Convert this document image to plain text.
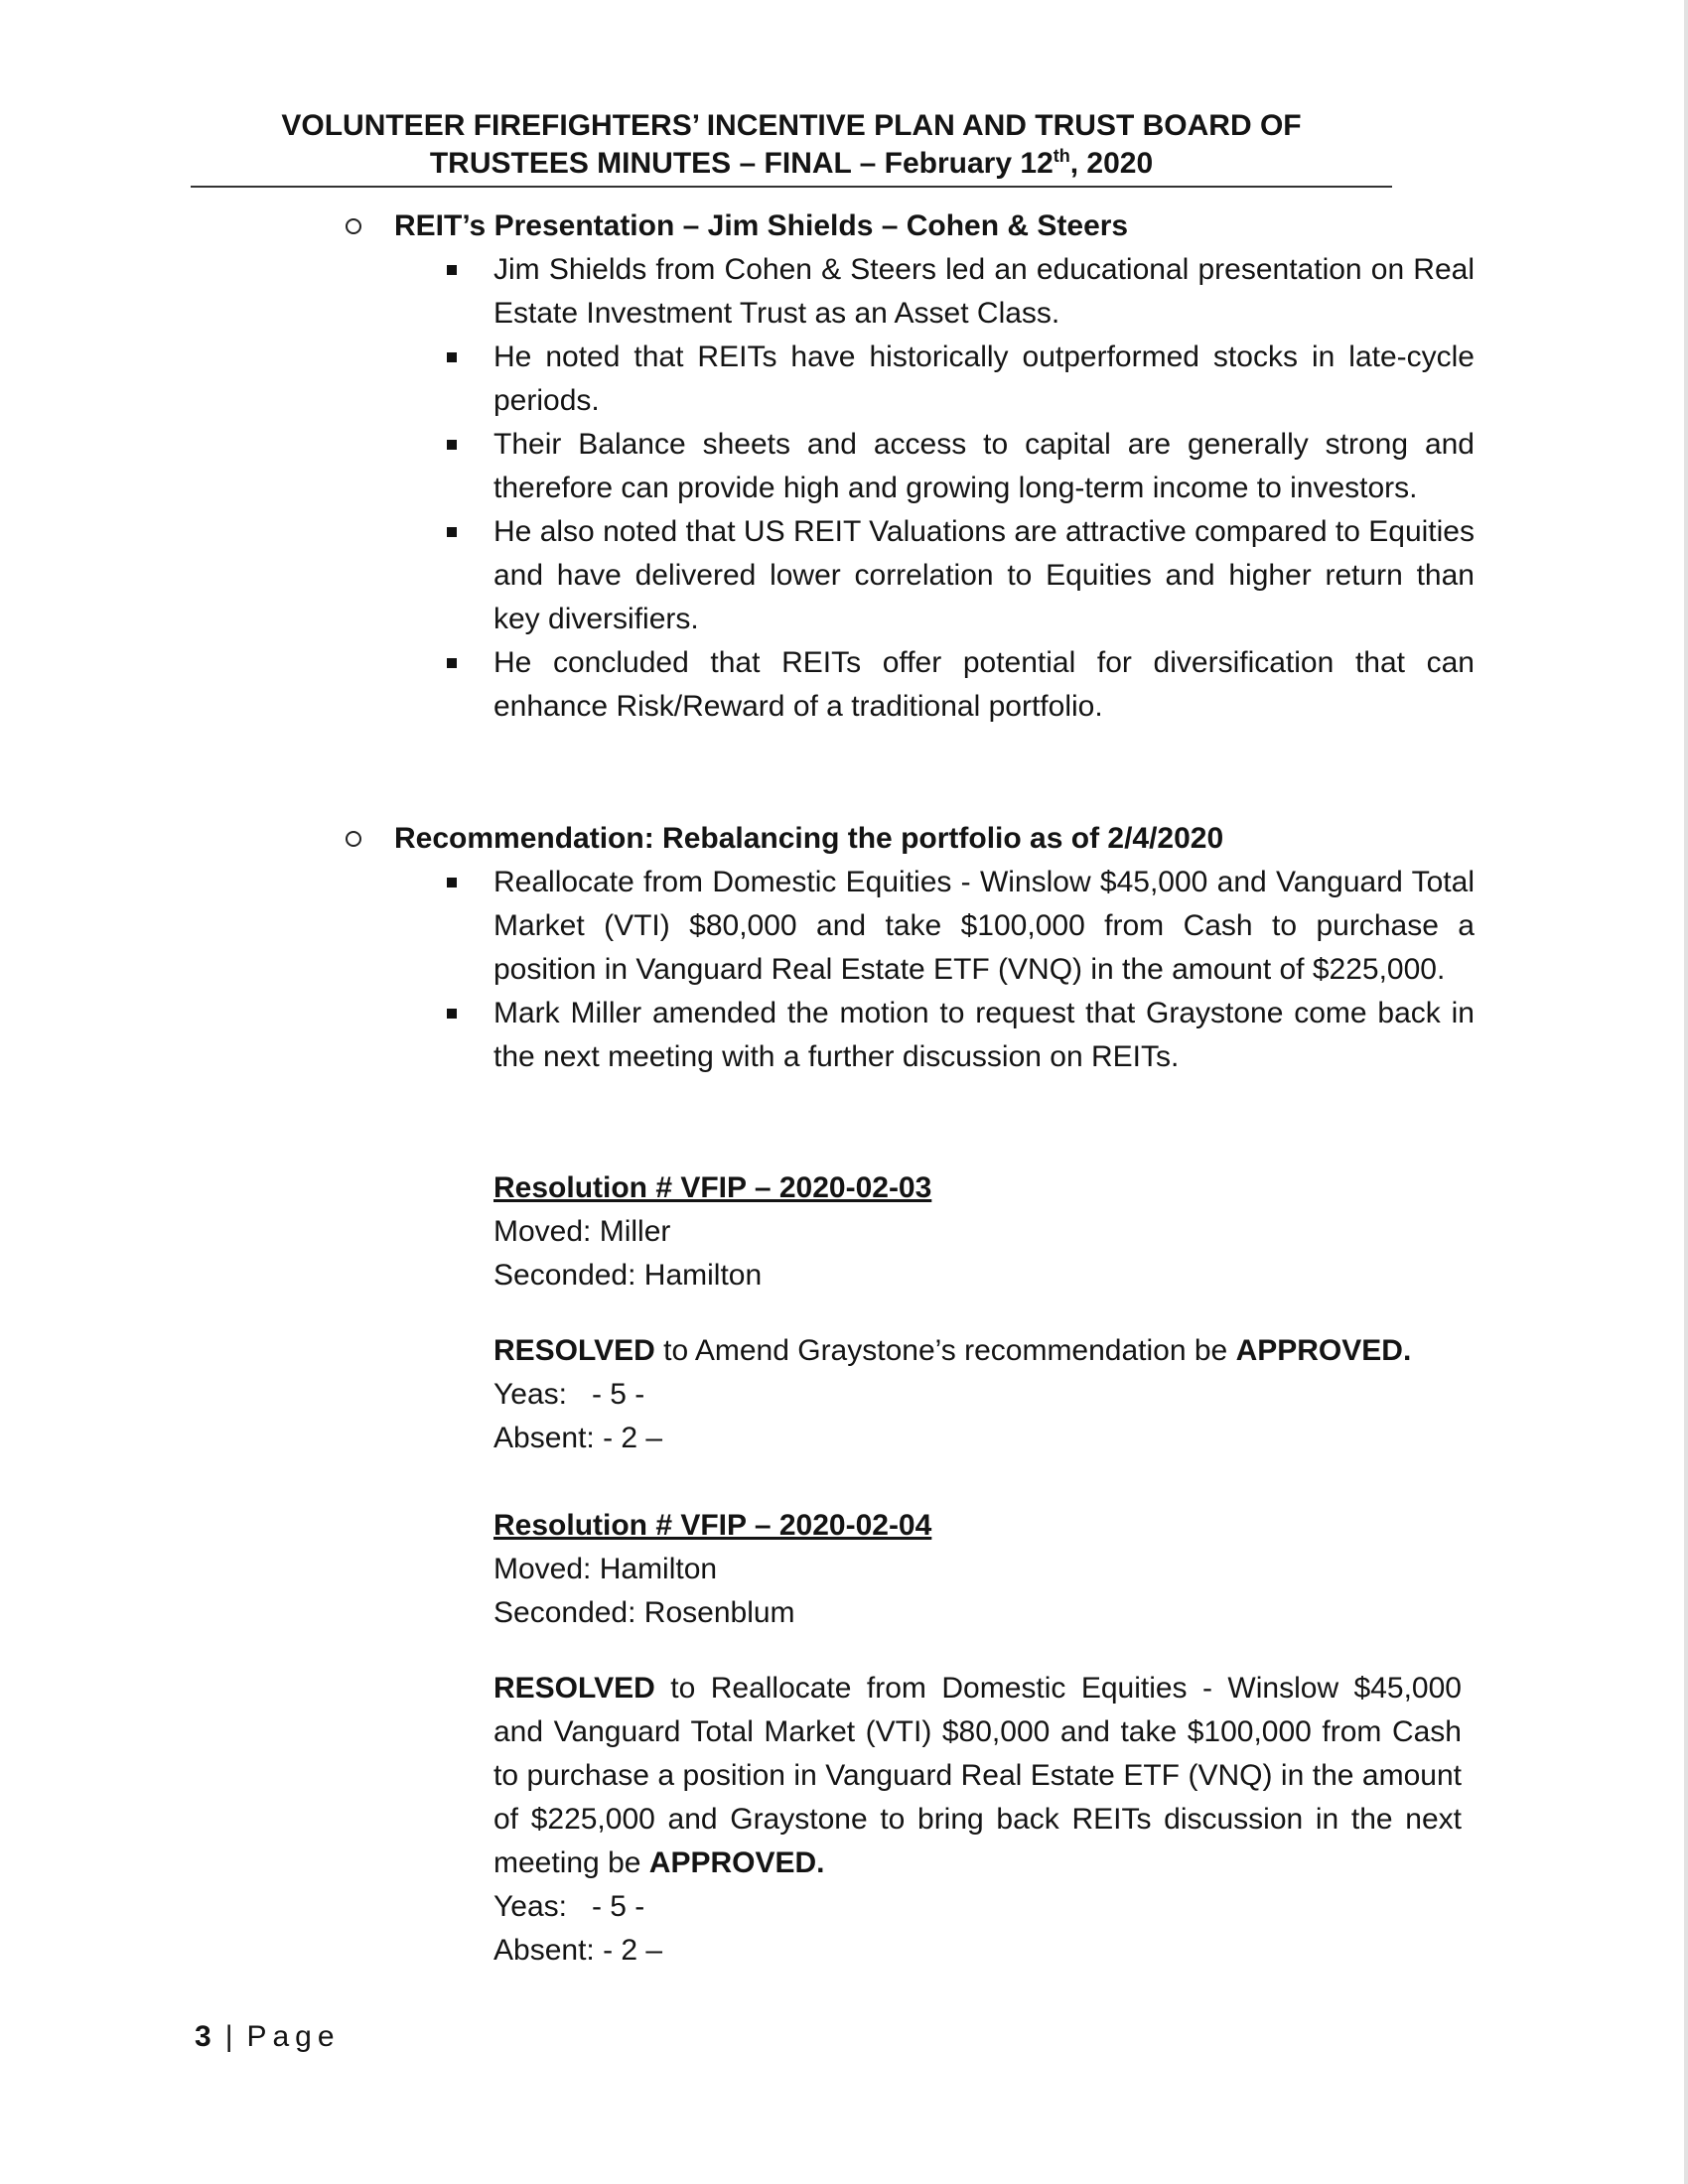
VOLUNTEER FIREFIGHTERS’ INCENTIVE PLAN AND TRUST BOARD OF
TRUSTEES MINUTES – FINAL – February 12th, 2020
REIT’s Presentation – Jim Shields – Cohen & Steers
Jim Shields from Cohen & Steers led an educational presentation on Real Estate Investment Trust as an Asset Class.
He noted that REITs have historically outperformed stocks in late-cycle periods.
Their Balance sheets and access to capital are generally strong and therefore can provide high and growing long-term income to investors.
He also noted that US REIT Valuations are attractive compared to Equities and have delivered lower correlation to Equities and higher return than key diversifiers.
He concluded that REITs offer potential for diversification that can enhance Risk/Reward of a traditional portfolio.
Recommendation: Rebalancing the portfolio as of 2/4/2020
Reallocate from Domestic Equities - Winslow $45,000 and Vanguard Total Market (VTI) $80,000 and take $100,000 from Cash to purchase a position in Vanguard Real Estate ETF (VNQ) in the amount of $225,000.
Mark Miller amended the motion to request that Graystone come back in the next meeting with a further discussion on REITs.
Resolution # VFIP – 2020-02-03
Moved: Miller
Seconded: Hamilton
RESOLVED to Amend Graystone’s recommendation be APPROVED.
Yeas:   - 5 -
Absent: - 2 –
Resolution # VFIP – 2020-02-04
Moved: Hamilton
Seconded: Rosenblum
RESOLVED to Reallocate from Domestic Equities - Winslow $45,000 and Vanguard Total Market (VTI) $80,000 and take $100,000 from Cash to purchase a position in Vanguard Real Estate ETF (VNQ) in the amount of $225,000 and Graystone to bring back REITs discussion in the next meeting be APPROVED.
Yeas:   - 5 -
Absent: - 2 –
3 | Page
